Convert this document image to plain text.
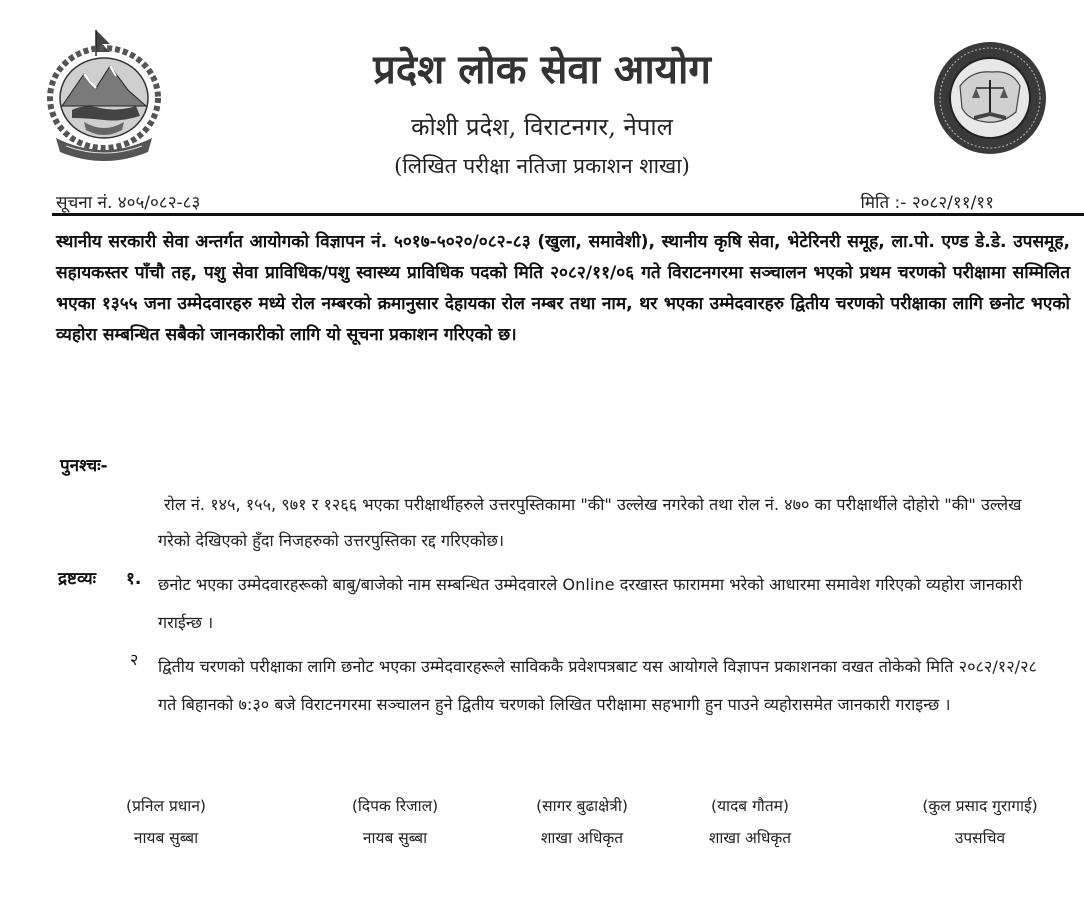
प्रदेश लोक सेवा आयोग
कोशी प्रदेश, विराटनगर, नेपाल
(लिखित परीक्षा नतिजा प्रकाशन शाखा)
सूचना नं. ४०५/०८२-८३	मिति :- २०८२/११/११
स्थानीय सरकारी सेवा अन्तर्गत आयोगको विज्ञापन नं. ५०१७-५०२०/०८२-८३ (खुला, समावेशी), स्थानीय कृषि सेवा, भेटेरिनरी समूह, ला.पो. एण्ड डे.डे. उपसमूह, सहायकस्तर पाँचौ तह, पशु सेवा प्राविधिक/पशु स्वास्थ्य प्राविधिक पदको मिति २०८२/११/०६ गते विराटनगरमा सञ्चालन भएको प्रथम चरणको परीक्षामा सम्मिलित भएका १३५५ जना उम्मेदवारहरु मध्ये रोल नम्बरको क्रमानुसार देहायका रोल नम्बर तथा नाम, थर भएका उम्मेदवारहरु द्वितीय चरणको परीक्षाका लागि छनोट भएको व्यहोरा सम्बन्धित सबैको जानकारीको लागि यो सूचना प्रकाशन गरिएको छ।
पुनश्चः-
रोल नं. १४५, १५५, ९७१ र १२६६ भएका परीक्षार्थीहरुले उत्तरपुस्तिकामा "की" उल्लेख नगरेको तथा रोल नं. ४७० का परीक्षार्थीले दोहोरो "की" उल्लेख गरेको देखिएको हुँदा निजहरुको उत्तरपुस्तिका रद्द गरिएकोछ।
द्रष्टव्यः १. छनोट भएका उम्मेदवारहरूको बाबु/बाजेको नाम सम्बन्धित उम्मेदवारले Online दरखास्त फाराममा भरेको आधारमा समावेश गरिएको व्यहोरा जानकारी गराईन्छ ।
२ द्वितीय चरणको परीक्षाका लागि छनोट भएका उम्मेदवारहरूले साविककै प्रवेशपत्रबाट यस आयोगले विज्ञापन प्रकाशनका वखत तोकेको मिति २०८२/१२/२८ गते बिहानको ७:३० बजे विराटनगरमा सञ्चालन हुने द्वितीय चरणको लिखित परीक्षामा सहभागी हुन पाउने व्यहोरासमेत जानकारी गराइन्छ ।
(प्रनिल प्रधान)
नायब सुब्बा
(दिपक रिजाल)
नायब सुब्बा
(सागर बुढाक्षेत्री)
शाखा अधिकृत
(यादब गौतम)
शाखा अधिकृत
(कुल प्रसाद गुरागाई)
उपसचिव
